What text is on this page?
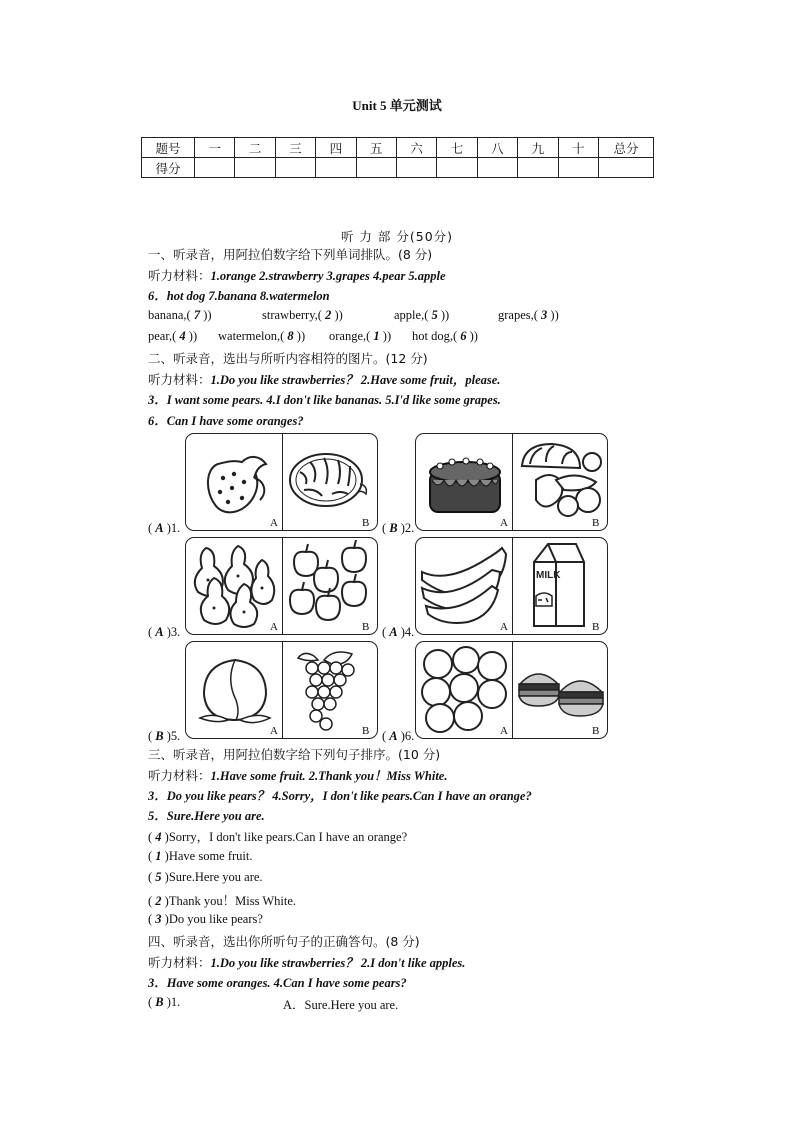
Unit 5 单元测试
题号	一	二	三	四	五	六	七	八	九	十	总分
得分											
听 力 部 分(50分)
一、听录音，用阿拉伯数字给下列单词排队。(8 分)
听力材料：1.orange 2.strawberry 3.grapes 4.pear 5.apple
6．hot dog 7.banana 8.watermelon
banana,( 7 ))	strawberry,( 2 ))	apple,( 5 ))	grapes,( 3 ))
pear,( 4 )) watermelon,( 8 )) orange,( 1 )) hot dog,( 6 ))
二、听录音，选出与所听内容相符的图片。(12 分)
听力材料：1.Do you like strawberries？ 2.Have some fruit，please.
3．I want some pears. 4.I don't like bananas. 5.I'd like some grapes.
6．Can I have some oranges?
A	B
( A )1.	A	B
( B )2.
A	B
( A )3.	A
MILK
B
( A )4.
A	B
( B )5.	A	B
( A )6.
三、听录音，用阿拉伯数字给下列句子排序。(10 分)
听力材料：1.Have some fruit. 2.Thank you！Miss White.
3．Do you like pears？ 4.Sorry，I don't like pears.Can I have an orange?
5．Sure.Here you are.
( 4 )Sorry，I don't like pears.Can I have an orange?
( 1 )Have some fruit.
( 5 )Sure.Here you are.
( 2 )Thank you！Miss White.
( 3 )Do you like pears?
四、听录音，选出你所听句子的正确答句。(8 分)
听力材料：1.Do you like strawberries？ 2.I don't like apples.
3．Have some oranges. 4.Can I have some pears?
( B )1.	A．Sure.Here you are.
